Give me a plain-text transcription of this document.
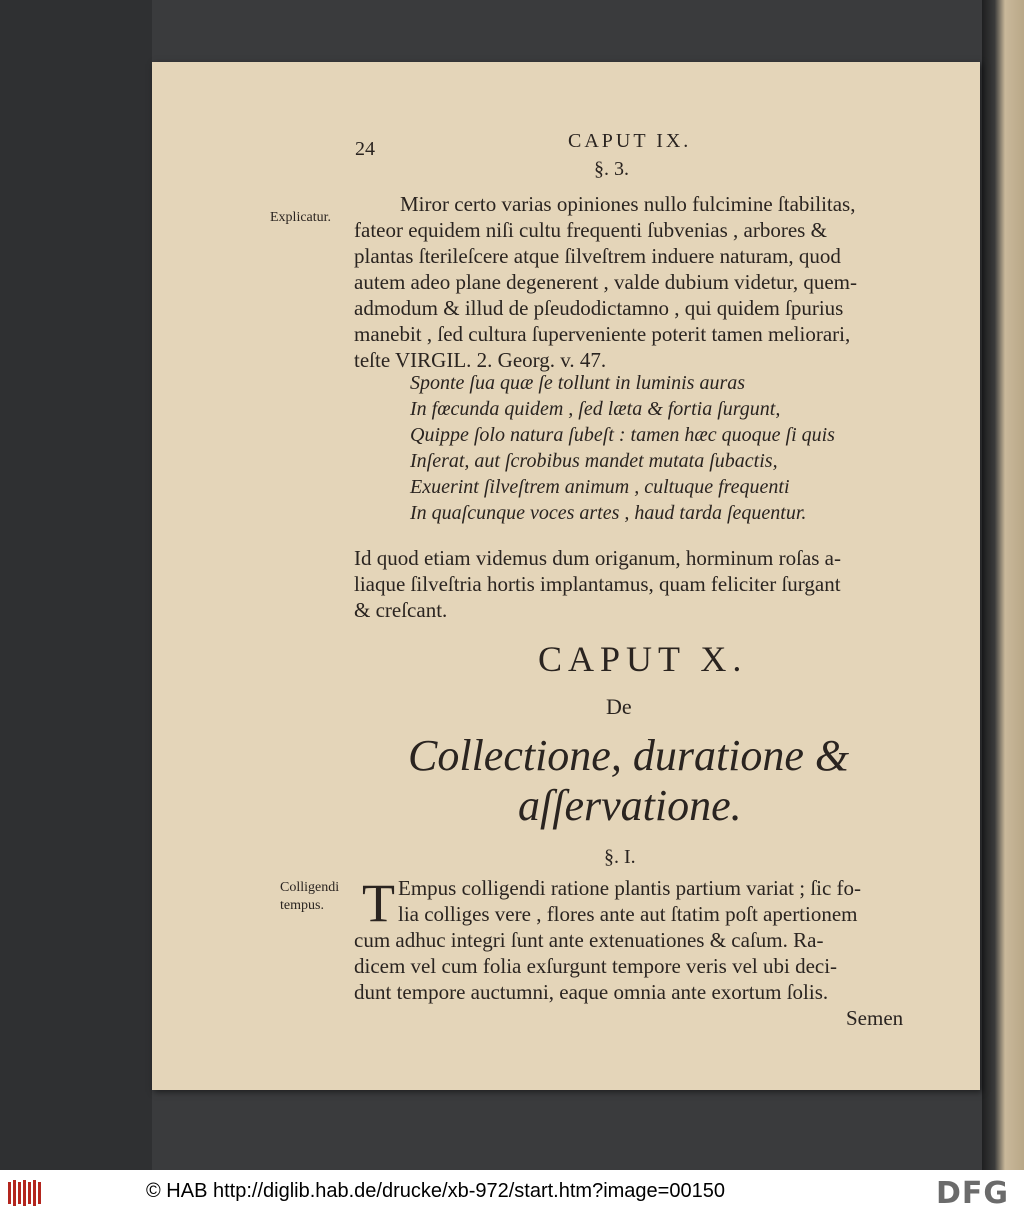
24	CAPUT IX.
§. 3.
Explicatur.
Miror certo varias opiniones nullo fulcimine ſtabilitas,
fateor equidem niſi cultu frequenti ſubvenias , arbores &
plantas ſterileſcere atque ſilveſtrem induere naturam, quod
autem adeo plane degenerent , valde dubium videtur, quem-
admodum & illud de pſeudodictamno , qui quidem ſpurius
manebit , ſed cultura ſuperveniente poterit tamen meliorari,
teſte VIRGIL. 2. Georg. v. 47.
Sponte ſua quæ ſe tollunt in luminis auras
In fœcunda quidem , ſed læta & fortia ſurgunt,
Quippe ſolo natura ſubeſt : tamen hæc quoque ſi quis
Inſerat, aut ſcrobibus mandet mutata ſubactis,
Exuerint ſilveſtrem animum , cultuque frequenti
In quaſcunque voces artes , haud tarda ſequentur.
Id quod etiam videmus dum origanum, horminum roſas a-
liaque ſilveſtria hortis implantamus, quam feliciter ſurgant
& creſcant.
CAPUT X.
De
Collectione, duratione &
aſſervatione.
§. I.
Colligendi
tempus. T Empus colligendi ratione plantis partium variat ; ſic fo-
lia colliges vere , flores ante aut ſtatim poſt apertionem
cum adhuc integri ſunt ante extenuationes & caſum. Ra-
dicem vel cum folia exſurgunt tempore veris vel ubi deci-
dunt tempore auctumni, eaque omnia ante exortum ſolis.
Semen
© HAB http://diglib.hab.de/drucke/xb-972/start.htm?image=00150	DFG
